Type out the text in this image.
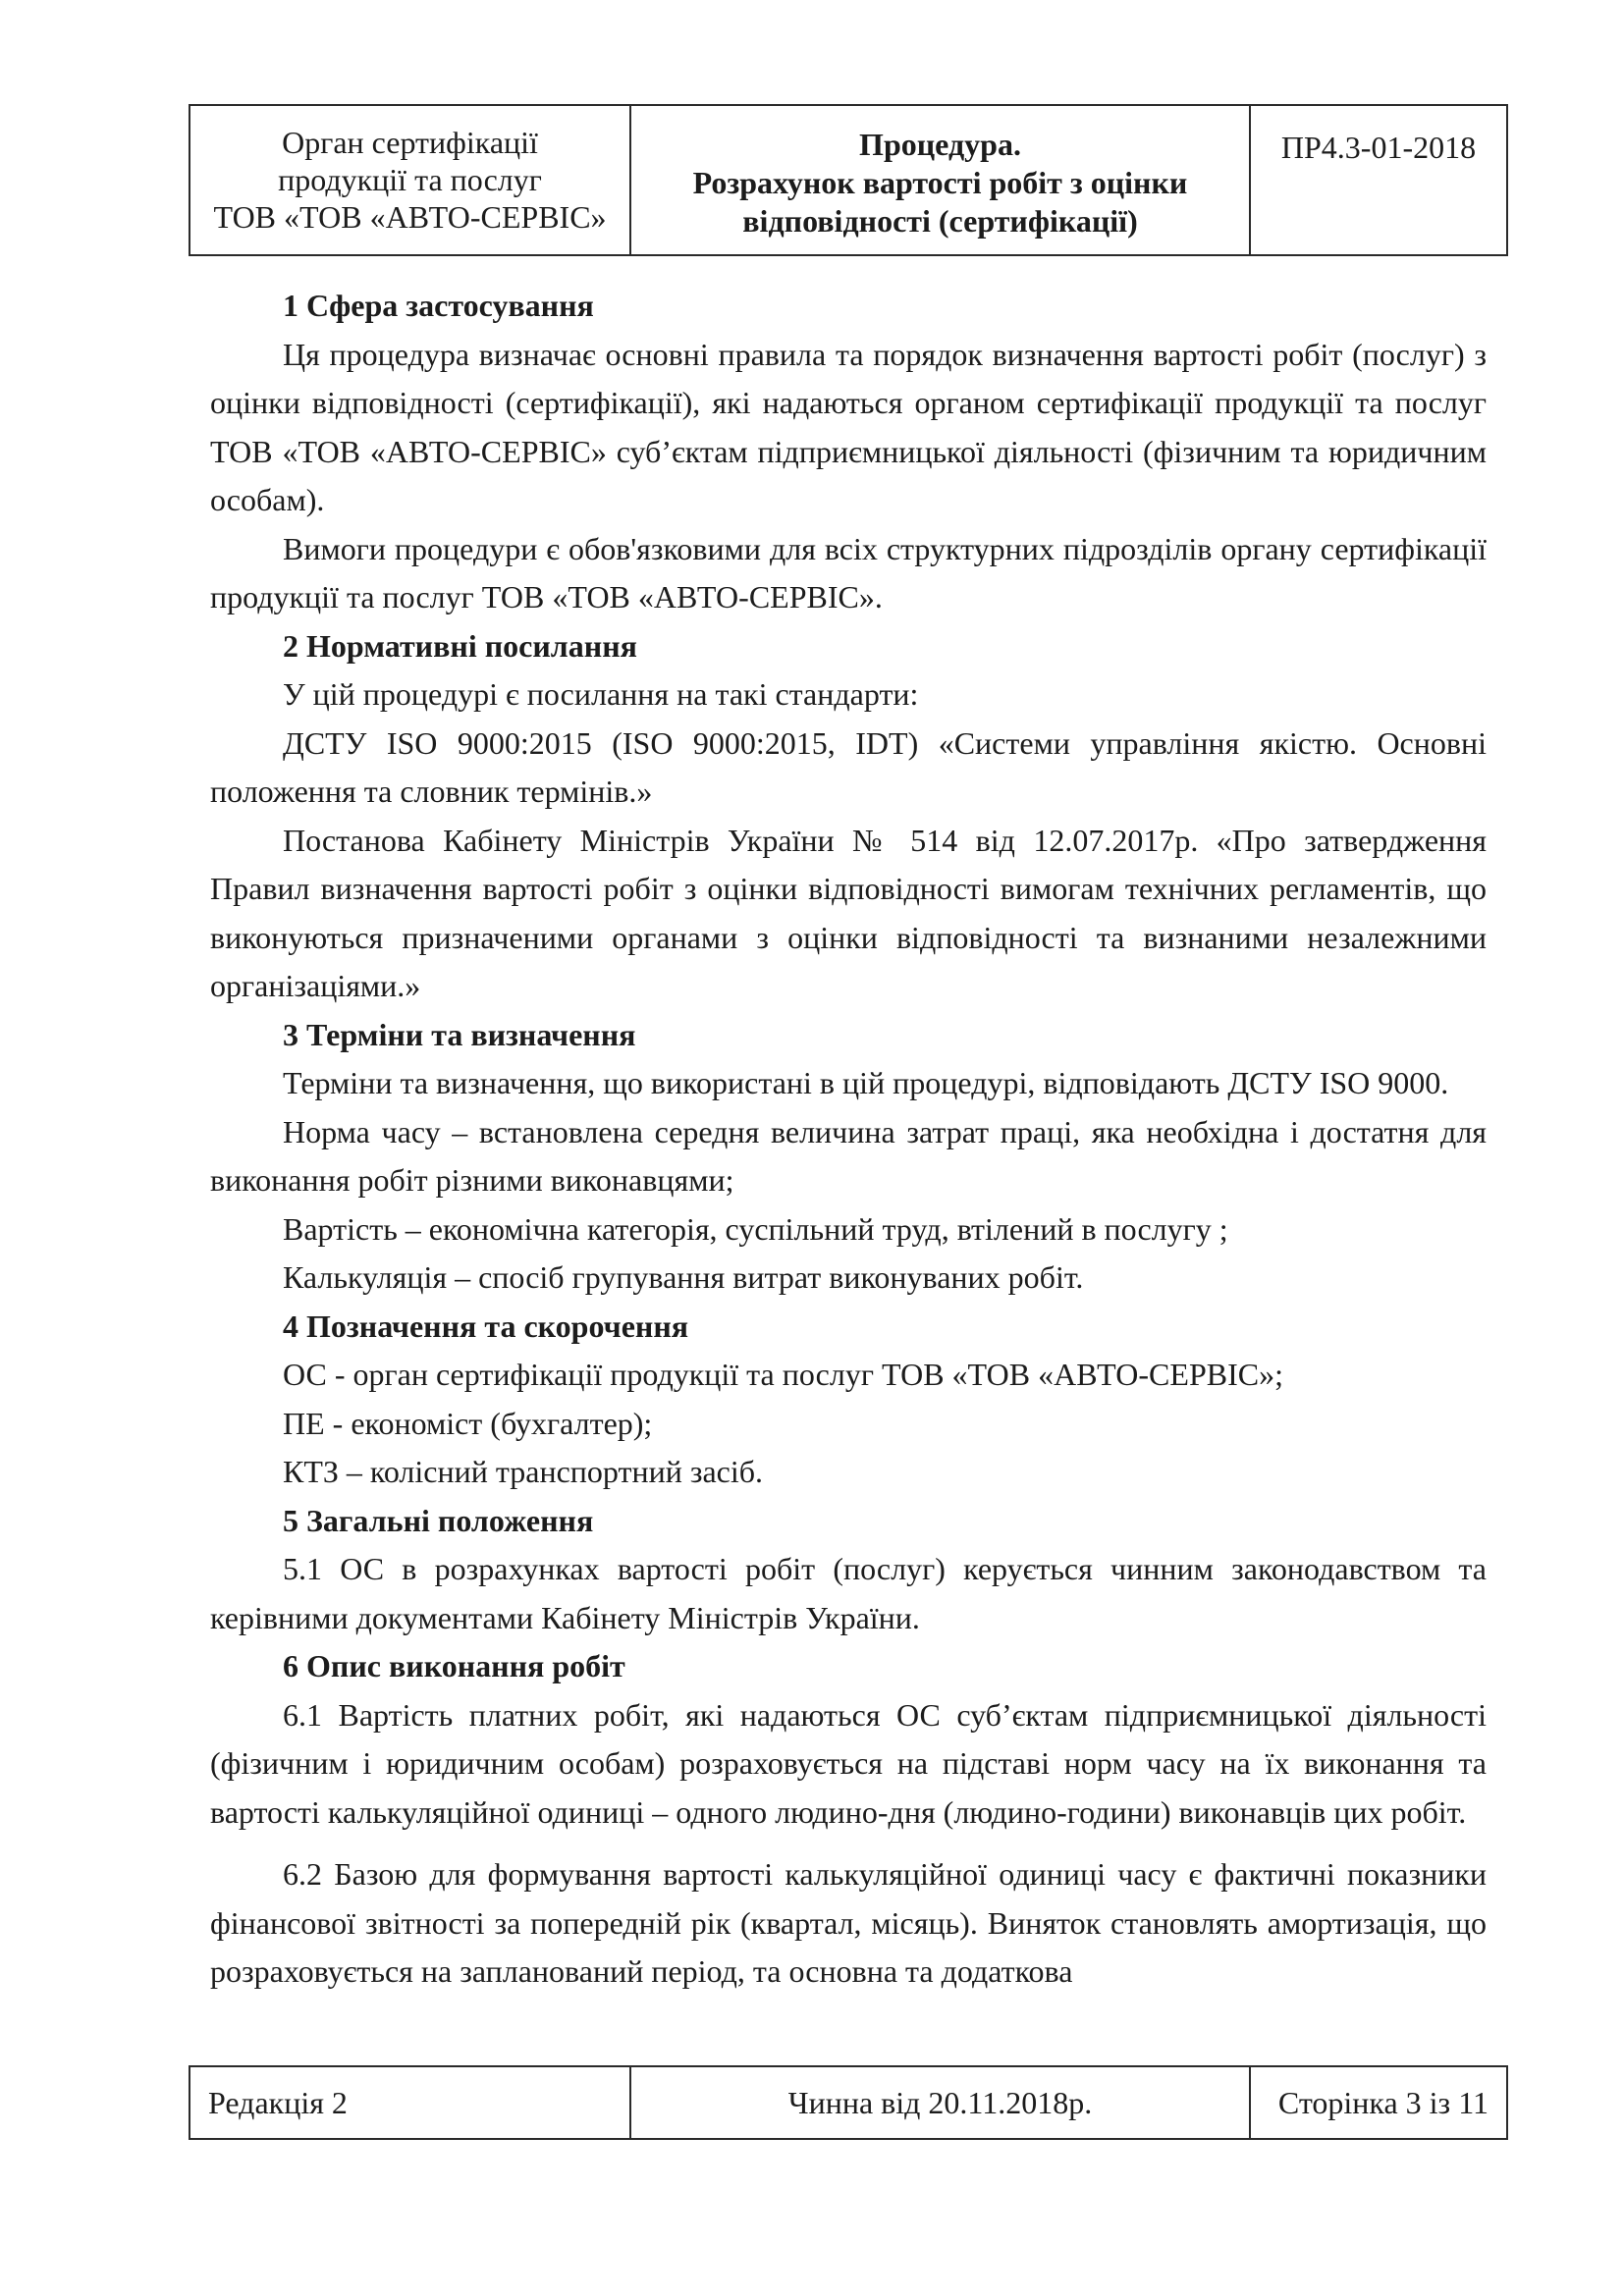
Орган сертифікації
продукції та послуг
ТОВ «ТОВ «АВТО-СЕРВІС»
Процедура.
Розрахунок вартості робіт з оцінки
відповідності (сертифікації)
ПР4.3-01-2018

1 Сфера застосування

Ця процедура визначає основні правила та порядок визначення вартості робіт (послуг) з оцінки відповідності (сертифікації), які надаються органом сертифікації продукції та послуг ТОВ «ТОВ «АВТО-СЕРВІС» суб’єктам підприємницької діяльності (фізичним та юридичним особам).

Вимоги процедури є обов'язковими для всіх структурних підрозділів органу сертифікації продукції та послуг ТОВ «ТОВ «АВТО-СЕРВІС».

2 Нормативні посилання

У цій процедурі є посилання на такі стандарти:

ДСТУ ISO 9000:2015 (ISO 9000:2015, IDT) «Системи управління якістю. Основні положення та словник термінів.»

Постанова Кабінету Міністрів України № 514 від 12.07.2017р. «Про затвердження Правил визначення вартості робіт з оцінки відповідності вимогам технічних регламентів, що виконуються призначеними органами з оцінки відповідності та визнаними незалежними організаціями.»

3 Терміни та визначення

Терміни та визначення, що використані в цій процедурі, відповідають ДСТУ ISO 9000.

Норма часу – встановлена середня величина затрат праці, яка необхідна і достатня для виконання робіт різними виконавцями;

Вартість – економічна категорія, суспільний труд, втілений в послугу ;

Калькуляція – спосіб групування витрат виконуваних робіт.

4 Позначення та скорочення

ОС - орган сертифікації продукції та послуг ТОВ «ТОВ «АВТО-СЕРВІС»;

ПЕ - економіст (бухгалтер);

КТЗ – колісний транспортний засіб.

5 Загальні положення

5.1 ОС в розрахунках вартості робіт (послуг) керується чинним законодавством та керівними документами Кабінету Міністрів України.

6 Опис виконання робіт

6.1 Вартість платних робіт, які надаються ОС суб’єктам підприємницької діяльності (фізичним і юридичним особам) розраховується на підставі норм часу на їх виконання та вартості калькуляційної одиниці – одного людино-дня (людино-години) виконавців цих робіт.

6.2 Базою для формування вартості калькуляційної одиниці часу є фактичні показники фінансової звітності за попередній рік (квартал, місяць). Виняток становлять амортизація, що розраховується на запланований період, та основна та додаткова

Редакція 2	Чинна від 20.11.2018р.	Сторінка 3 із 11
